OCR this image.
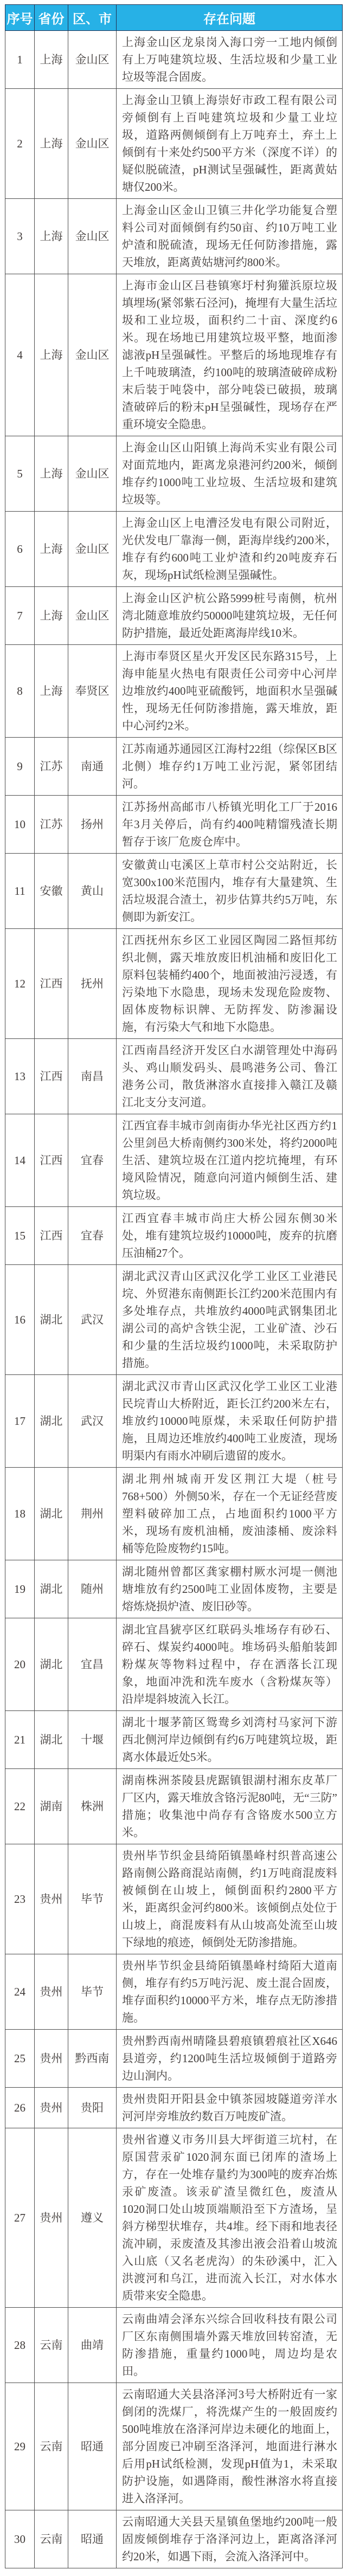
序号	省份	区、市	存在问题
1	上海	金山区	上海金山区龙泉岗入海口旁一工地内倾倒有上万吨建筑垃圾、生活垃圾和少量工业垃圾等混合固废。
2	上海	金山区	上海金山卫镇上海崇好市政工程有限公司旁倾倒有上百吨建筑垃圾和少量工业垃圾，道路两侧倾倒有上万吨弃土，弃土上倾倒有十来处约500平方米（深度不详）的疑似脱硫渣，pH测试呈强碱性，距离黄姑塘仅200米。
3	上海	金山区	上海金山区金山卫镇三井化学功能复合塑料公司对面倾倒有约50亩、约10万吨工业炉渣和脱硫渣，现场无任何防渗措施，露天堆放，距离黄姑塘河约800米。
4	上海	金山区	上海市金山区吕巷镇寒圩村狗獾浜原垃圾填埋场(紧邻紫石泾河)，掩埋有大量生活垃圾和工业垃圾，面积约二十亩、深度约6米。现在场地已用建筑垃圾平整，地面渗滤液pH呈强碱性。平整后的场地现堆存有上千吨玻璃渣，约100吨的玻璃渣破碎成粉末后装于吨袋中，部分吨袋已破损，玻璃渣破碎后的粉末pH呈强碱性，现场存在严重环境安全隐患。
5	上海	金山区	上海金山区山阳镇上海尚禾实业有限公司对面荒地内，距离龙泉港河约200米，倾倒堆存约1000吨工业垃圾、生活垃圾和建筑垃圾等。
6	上海	金山区	上海金山区上电漕泾发电有限公司附近，光伏发电厂靠海一侧，距海岸线约200米，堆存有约600吨工业炉渣和约20吨废弃石灰，现场pH试纸检测呈强碱性。
7	上海	金山区	上海金山区沪杭公路5999桩号南侧，杭州湾北随意堆放约50000吨建筑垃圾，无任何防护措施，最近处距离海岸线10米。
8	上海	奉贤区	上海市奉贤区星火开发区民东路315号，上海申能星火热电有限责任公司旁中心河岸边堆放约400吨亚硫酸钙，地面积水呈强碱性，现场无任何防渗措施，露天堆放，距中心河约2米。
9	江苏	南通	江苏南通苏通园区江海村22组（综保区B区北侧）堆存约1万吨工业污泥，紧邻团结河。
10	江苏	扬州	江苏扬州高邮市八桥镇光明化工厂于2016年3月关停后，尚有约400吨精馏残渣长期暂存于该厂危废仓库中。
11	安徽	黄山	安徽黄山屯溪区上草市村公交站附近，长宽300x100米范围内，堆存有大量建筑、生活垃圾混合渣土，初步估算共约5万吨，东侧即为新安江。
12	江西	抚州	江西抚州东乡区工业园区陶园二路恒邦纺织北侧，露天堆放废旧机油桶和废旧化工原料包装桶约400个，地面被油污浸透，有污染地下水隐患，现场未发现危险废物、固体废物标识牌、无防挥发、防渗漏设施，有污染大气和地下水隐患。
13	江西	南昌	江西南昌经济开发区白水湖管理处中海码头、鸡山顺发码头、晨鸣港务公司、鲁江港务公司，散货淋溶水直接排入赣江及赣江北支分支河道。
14	江西	宜春	江西宜春丰城市剑南街办华光社区西方约1公里剑邑大桥南侧约300米处，将约2000吨生活、建筑垃圾在江道内挖坑掩埋，有环境风险情况，随意向河道内倾倒生活、建筑垃圾。
15	江西	宜春	江西宜春丰城市尚庄大桥公园东侧30米处，堆有建筑垃圾约10000吨，废弃的抗磨压油桶27个。
16	湖北	武汉	湖北武汉青山区武汉化学工业区工业港民垸、外贸港东南侧距长江约200米范围内有多处堆存点，共堆放约4000吨武钢集团北湖公司的高炉含铁尘泥，工业矿渣、沙石和少量的生活垃圾约1000吨，未采取防护措施。
17	湖北	武汉	湖北武汉市青山区武汉化学工业区工业港民垸青山大桥附近，距长江约200米左右，堆放约10000吨原煤，未采取任何防护措施，且周边还堆放约400吨工业废渣，现场明渠内有雨水冲刷后遗留的废水。
18	湖北	荆州	湖北荆州城南开发区荆江大堤（桩号768+500）外侧50米，存在一个无证经营废塑料破碎加工点，占地面积约1000平方米，现场有废机油桶，废油漆桶、废涂料桶等危险废物约15吨。
19	湖北	随州	湖北随州曾都区龚家棚村厥水河堤一侧池塘堆放有约2500吨工业固体废物，主要是熔炼烧损炉渣、废旧砂等。
20	湖北	宜昌	湖北宜昌猇亭区红联码头堆场存有砂石、碎石、煤炭约4000吨。堆场码头船舶装卸粉煤灰等物料过程中，存在洒落长江现象，地面冲洗和洗车废水（含粉煤灰等）沿岸堤斜坡流入长江。
21	湖北	十堰	湖北十堰茅箭区鸳鸯乡刘湾村马家河下游西北侧河岸边倾倒有约6万吨建筑垃圾，距离水体最近处5米。
22	湖南	株洲	湖南株洲茶陵县虎踞镇银湖村湘东皮革厂厂区内，露天堆放含铬污泥80吨，无“三防”措施；收集池中尚存有含铬废水500立方米。
23	贵州	毕节	贵州毕节织金县绮陌镇墨峰村织普高速公路南侧公路商混站南侧，约1万吨商混废料被倾倒在山坡上，倾倒面积约2800平方米，距离织金河约800米。该倾倒点处位于山坡上，商混废料有从山坡高处流至山坡下绿地的痕迹，倾倒处无防渗措施。
24	贵州	毕节	贵州毕节织金县绮陌镇墨峰村绮陌大道南侧，堆存有约5万吨污泥、废土混合固废，堆存面积约10000平方米，堆存点无防渗措施。
25	贵州	黔西南	贵州黔西南州晴隆县碧痕镇碧痕社区X646县道旁，约1200吨生活垃圾倾倒于道路旁边山涧内。
26	贵州	贵阳	贵州贵阳开阳县金中镇茶园坡隧道旁洋水河河岸旁堆放约数百万吨废矿渣。
27	贵州	遵义	贵州省遵义市务川县大坪街道三坑村，在原国营汞矿1020洞东面已闭库的渣场上方，存在一处堆存量约为300吨的废弃冶炼汞矿废渣。该汞矿渣呈微红色，废渣从1020洞口处山坡顶端顺沿至下方渣场，呈斜方梯型状堆存，共4堆。经下雨和地表径流冲刷，汞废渣及其渗出液会沿着山坡流入山底（又名老虎沟）的朱砂溪中，汇入洪渡河和乌江，进而流入长江，对水体水质带来安全隐患。
28	云南	曲靖	云南曲靖会泽东兴综合回收科技有限公司厂区东南侧围墙外露天堆放回转窑渣，无防渗措施，重量约1000吨，周边均是农田。
29	云南	昭通	云南昭通大关县洛泽河3号大桥附近有一家倒闭的洗煤厂，将洗煤产生的一般固废约500吨堆放在洛泽河岸边未硬化的地面上，部分固废已冲刷至洛泽河，地面进行淋水后用pH试纸检测，发现pH值为1，未采取防护设施，如遇降雨，酸性淋溶水将直接进入洛泽河。
30	云南	昭通	云南昭通大关县天星镇鱼堡地约200吨一般固废倾倒堆存于洛泽河边上，距离洛泽河约20米，如遇下雨，会流入洛泽河中。
